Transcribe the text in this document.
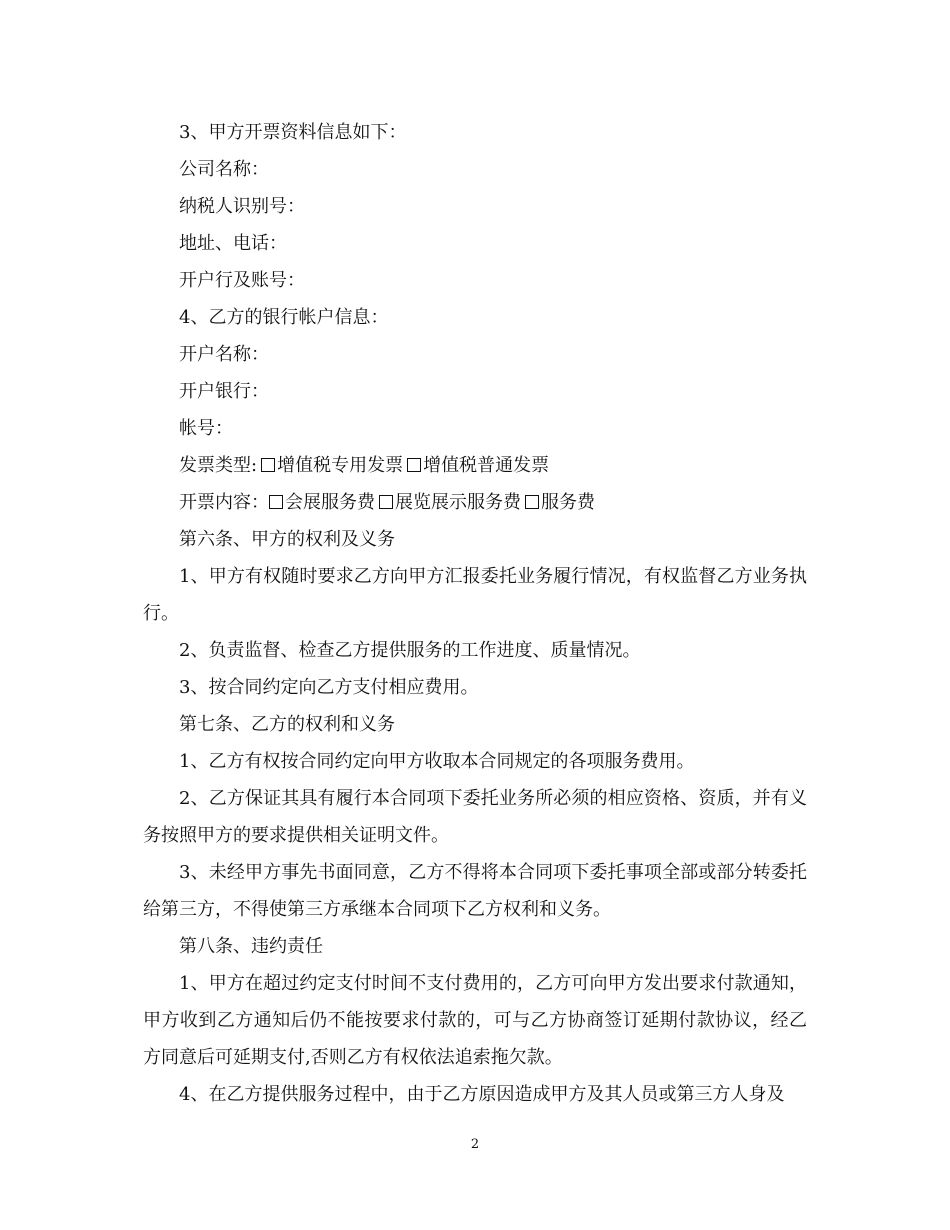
3、甲方开票资料信息如下：

公司名称：

纳税人识别号：

地址、电话：

开户行及账号：

4、乙方的银行帐户信息：

开户名称：

开户银行：

帐号：

发票类型: 增值税专用发票 增值税普通发票

开票内容： 会展服务费 展览展示服务费 服务费

第六条、甲方的权利及义务

1、甲方有权随时要求乙方向甲方汇报委托业务履行情况，有权监督乙方业务执行。

2、负责监督、检查乙方提供服务的工作进度、质量情况。

3、按合同约定向乙方支付相应费用。

第七条、乙方的权利和义务

1、乙方有权按合同约定向甲方收取本合同规定的各项服务费用。

2、乙方保证其具有履行本合同项下委托业务所必须的相应资格、资质，并有义务按照甲方的要求提供相关证明文件。

3、未经甲方事先书面同意，乙方不得将本合同项下委托事项全部或部分转委托给第三方，不得使第三方承继本合同项下乙方权利和义务。

第八条、违约责任

1、甲方在超过约定支付时间不支付费用的，乙方可向甲方发出要求付款通知，甲方收到乙方通知后仍不能按要求付款的，可与乙方协商签订延期付款协议，经乙方同意后可延期支付,否则乙方有权依法追索拖欠款。

4、在乙方提供服务过程中，由于乙方原因造成甲方及其人员或第三方人身及

2
